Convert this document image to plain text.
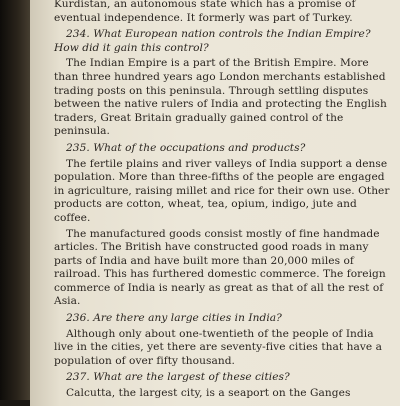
Kurdistan, an autonomous state which has a promise of eventual independence. It formerly was part of Turkey.

234. What European nation controls the Indian Empire? How did it gain this control?

The Indian Empire is a part of the British Empire. More than three hundred years ago London merchants established trading posts on this peninsula. Through settling disputes between the native rulers of India and protecting the English traders, Great Britain gradually gained control of the peninsula.

235. What of the occupations and products?

The fertile plains and river valleys of India support a dense population. More than three-fifths of the people are engaged in agriculture, raising millet and rice for their own use. Other products are cotton, wheat, tea, opium, indigo, jute and coffee.

The manufactured goods consist mostly of fine handmade articles. The British have constructed good roads in many parts of India and have built more than 20,000 miles of railroad. This has furthered domestic commerce. The foreign commerce of India is nearly as great as that of all the rest of Asia.

236. Are there any large cities in India?

Although only about one-twentieth of the people of India live in the cities, yet there are seventy-five cities that have a population of over fifty thousand.

237. What are the largest of these cities?

Calcutta, the largest city, is a seaport on the Ganges
